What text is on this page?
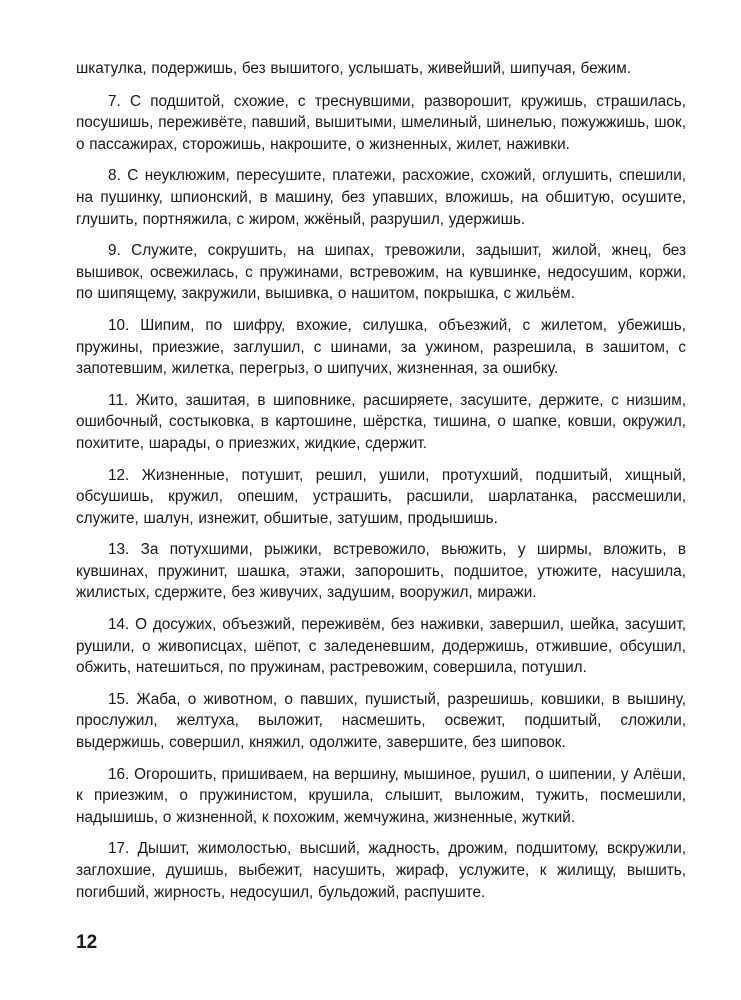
шкатулка, подержишь, без вышитого, услышать, живейший, шипучая, бежим.

7. С подшитой, схожие, с треснувшими, разворошит, кружишь, страшилась, посушишь, переживёте, павший, вышитыми, шмелиный, шинелью, пожужжишь, шок, о пассажирах, сторожишь, накрошите, о жизненных, жилет, наживки.

8. С неуклюжим, пересушите, платежи, расхожие, схожий, оглушить, спешили, на пушинку, шпионский, в машину, без упавших, вложишь, на обшитую, осушите, глушить, портняжила, с жиром, жжёный, разрушил, удержишь.

9. Служите, сокрушить, на шипах, тревожили, задышит, жилой, жнец, без вышивок, освежилась, с пружинами, встревожим, на кувшинке, недосушим, коржи, по шипящему, закружили, вышивка, о нашитом, покрышка, с жильём.

10. Шипим, по шифру, вхожие, силушка, объезжий, с жилетом, убежишь, пружины, приезжие, заглушил, с шинами, за ужином, разрешила, в зашитом, с запотевшим, жилетка, перегрыз, о шипучих, жизненная, за ошибку.

11. Жито, зашитая, в шиповнике, расширяете, засушите, держите, с низшим, ошибочный, состыковка, в картошине, шёрстка, тишина, о шапке, ковши, окружил, похитите, шарады, о приезжих, жидкие, сдержит.

12. Жизненные, потушит, решил, ушили, протухший, подшитый, хищный, обсушишь, кружил, опешим, устрашить, расшили, шарлатанка, рассмешили, служите, шалун, изнежит, обшитые, затушим, продышишь.

13. За потухшими, рыжики, встревожило, вьюжить, у ширмы, вложить, в кувшинах, пружинит, шашка, этажи, запорошить, подшитое, утюжите, насушила, жилистых, сдержите, без живучих, задушим, вооружил, миражи.

14. О досужих, объезжий, переживём, без наживки, завершил, шейка, засушит, рушили, о живописцах, шёпот, с заледеневшим, додержишь, отжившие, обсушил, обжить, натешиться, по пружинам, растревожим, совершила, потушил.

15. Жаба, о животном, о павших, пушистый, разрешишь, ковшики, в вышину, прослужил, желтуха, выложит, насмешить, освежит, подшитый, сложили, выдержишь, совершил, княжил, одолжите, завершите, без шиповок.

16. Огорошить, пришиваем, на вершину, мышиное, рушил, о шипении, у Алёши, к приезжим, о пружинистом, крушила, слышит, выложим, тужить, посмешили, надышишь, о жизненной, к похожим, жемчужина, жизненные, жуткий.

17. Дышит, жимолостью, высший, жадность, дрожим, подшитому, вскружили, заглохшие, душишь, выбежит, насушить, жираф, услужите, к жилищу, вышить, погибший, жирность, недосушил, бульдожий, распушите.

12
